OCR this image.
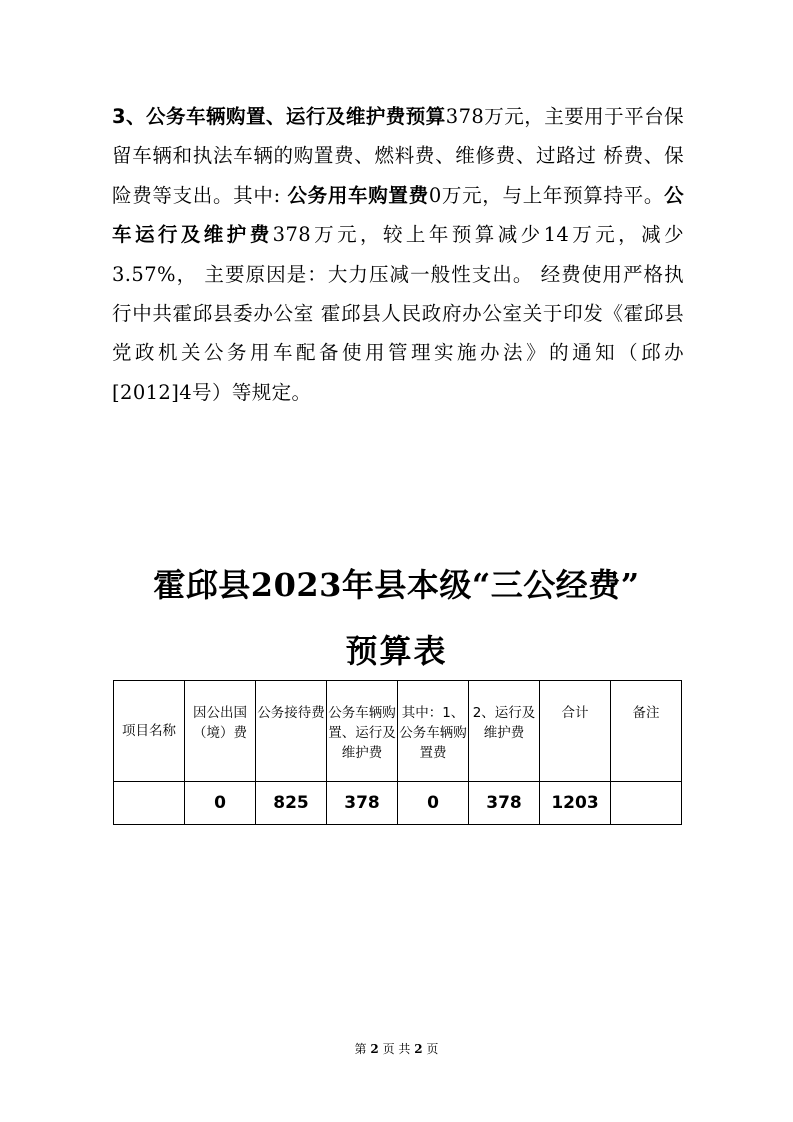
3、公务车辆购置、运行及维护费预算378万元，主要用于平台保留车辆和执法车辆的购置费、燃料费、维修费、过路过 桥费、保险费等支出。其中: 公务用车购置费0万元，与上年预算持平。公车运行及维护费378万元，较上年预算减少14万元，减少3.57%， 主要原因是：大力压减一般性支出。 经费使用严格执行中共霍邱县委办公室 霍邱县人民政府办公室关于印发《霍邱县党政机关公务用车配备使用管理实施办法》的通知（邱办[2012]4号）等规定。

霍邱县2023年县本级“三公经费”
预算表
项目名称	因公出国（境）费	公务接待费	公务车辆购置、运行及维护费	其中：1、公务车辆购置费	2、运行及维护费	合计	备注
	0	825	378	0	378	1203	

第 2 页 共 2 页
